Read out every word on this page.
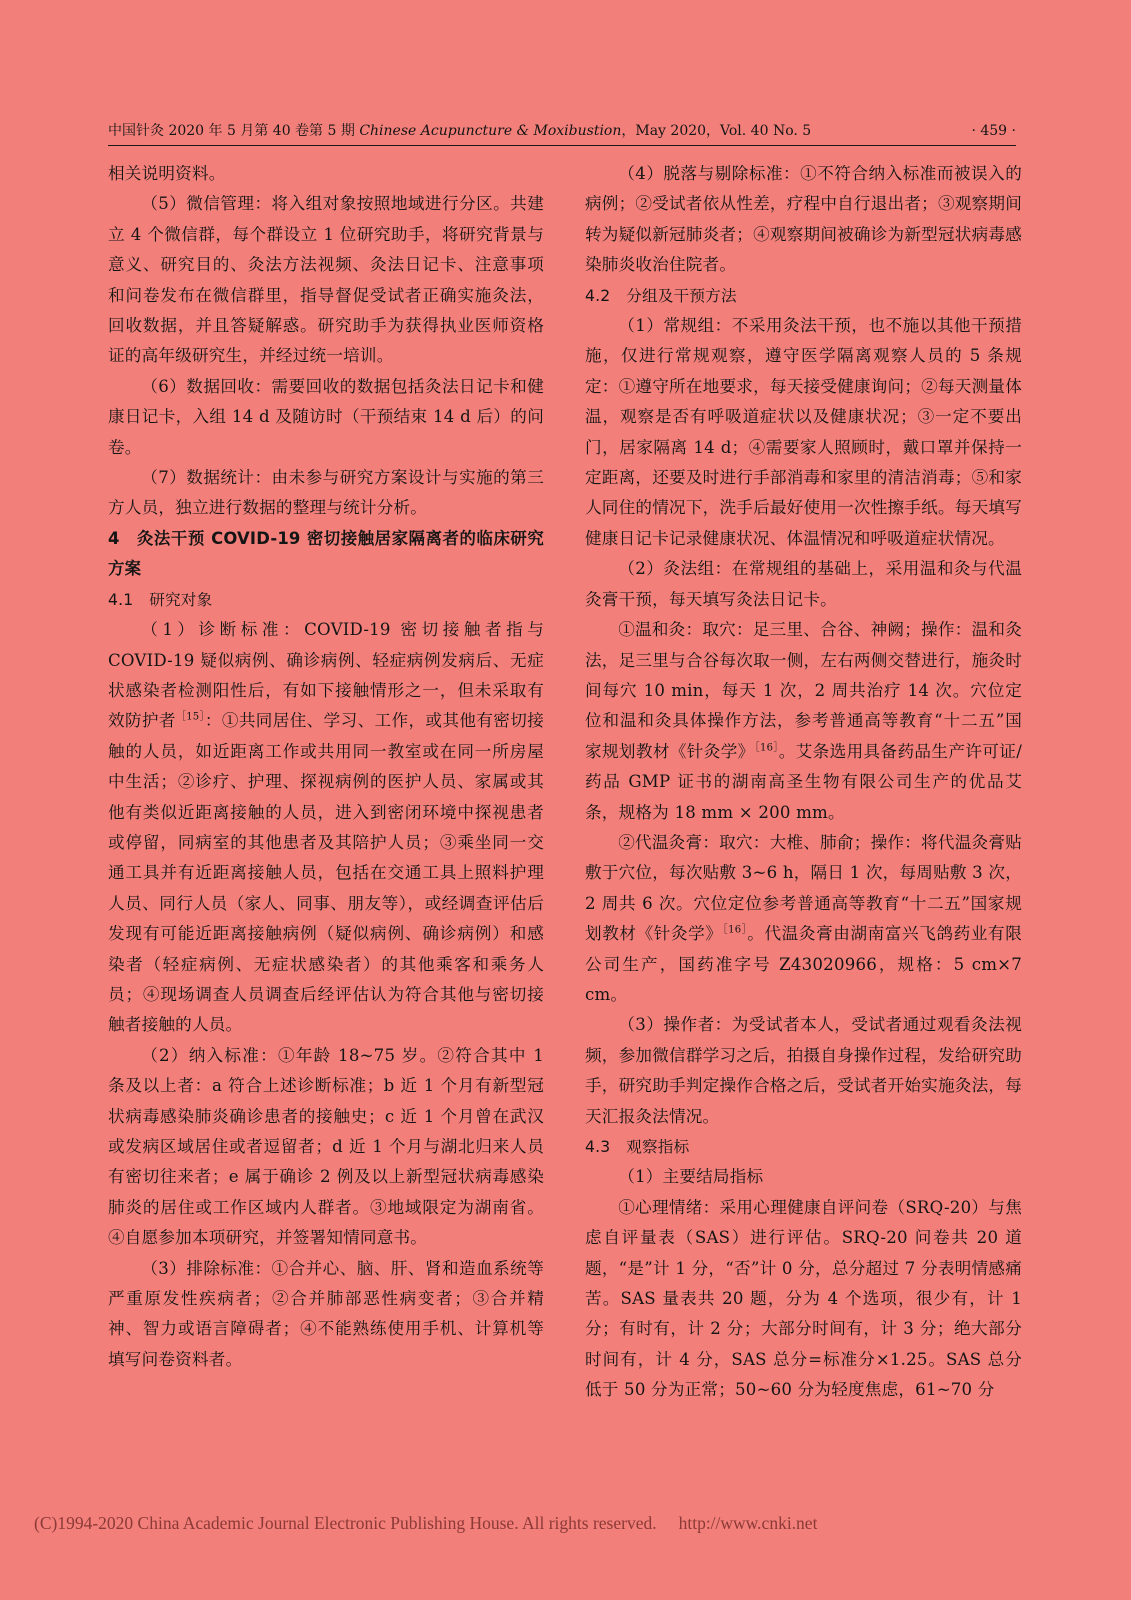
中国针灸 2020 年 5 月第 40 卷第 5 期 Chinese Acupuncture & Moxibustion，May 2020，Vol. 40 No. 5	· 459 ·

相关说明资料。

（5）微信管理：将入组对象按照地域进行分区。共建立 4 个微信群，每个群设立 1 位研究助手，将研究背景与意义、研究目的、灸法方法视频、灸法日记卡、注意事项和问卷发布在微信群里，指导督促受试者正确实施灸法，回收数据，并且答疑解惑。研究助手为获得执业医师资格证的高年级研究生，并经过统一培训。

（6）数据回收：需要回收的数据包括灸法日记卡和健康日记卡，入组 14 d 及随访时（干预结束 14 d 后）的问卷。

（7）数据统计：由未参与研究方案设计与实施的第三方人员，独立进行数据的整理与统计分析。

4　灸法干预 COVID-19 密切接触居家隔离者的临床研究方案

4.1　研究对象

（1）诊断标准：COVID-19 密切接触者指与 COVID-19 疑似病例、确诊病例、轻症病例发病后、无症状感染者检测阳性后，有如下接触情形之一，但未采取有效防护者$^{[15]}$：①共同居住、学习、工作，或其他有密切接触的人员，如近距离工作或共用同一教室或在同一所房屋中生活；②诊疗、护理、探视病例的医护人员、家属或其他有类似近距离接触的人员，进入到密闭环境中探视患者或停留，同病室的其他患者及其陪护人员；③乘坐同一交通工具并有近距离接触人员，包括在交通工具上照料护理人员、同行人员（家人、同事、朋友等），或经调查评估后发现有可能近距离接触病例（疑似病例、确诊病例）和感染者（轻症病例、无症状感染者）的其他乘客和乘务人员；④现场调查人员调查后经评估认为符合其他与密切接触者接触的人员。

（2）纳入标准：①年龄 18~75 岁。②符合其中 1 条及以上者：a 符合上述诊断标准；b 近 1 个月有新型冠状病毒感染肺炎确诊患者的接触史；c 近 1 个月曾在武汉或发病区域居住或者逗留者；d 近 1 个月与湖北归来人员有密切往来者；e 属于确诊 2 例及以上新型冠状病毒感染肺炎的居住或工作区域内人群者。③地域限定为湖南省。④自愿参加本项研究，并签署知情同意书。

（3）排除标准：①合并心、脑、肝、肾和造血系统等严重原发性疾病者；②合并肺部恶性病变者；③合并精神、智力或语言障碍者；④不能熟练使用手机、计算机等填写问卷资料者。

（4）脱落与剔除标准：①不符合纳入标准而被误入的病例；②受试者依从性差，疗程中自行退出者；③观察期间转为疑似新冠肺炎者；④观察期间被确诊为新型冠状病毒感染肺炎收治住院者。

4.2　分组及干预方法

（1）常规组：不采用灸法干预，也不施以其他干预措施，仅进行常规观察，遵守医学隔离观察人员的 5 条规定：①遵守所在地要求，每天接受健康询问；②每天测量体温，观察是否有呼吸道症状以及健康状况；③一定不要出门，居家隔离 14 d；④需要家人照顾时，戴口罩并保持一定距离，还要及时进行手部消毒和家里的清洁消毒；⑤和家人同住的情况下，洗手后最好使用一次性擦手纸。每天填写健康日记卡记录健康状况、体温情况和呼吸道症状情况。

（2）灸法组：在常规组的基础上，采用温和灸与代温灸膏干预，每天填写灸法日记卡。

①温和灸：取穴：足三里、合谷、神阙；操作：温和灸法，足三里与合谷每次取一侧，左右两侧交替进行，施灸时间每穴 10 min，每天 1 次，2 周共治疗 14 次。穴位定位和温和灸具体操作方法，参考普通高等教育“十二五”国家规划教材《针灸学》$^{[16]}$。艾条选用具备药品生产许可证/药品 GMP 证书的湖南高圣生物有限公司生产的优品艾条，规格为 18 mm × 200 mm。

②代温灸膏：取穴：大椎、肺俞；操作：将代温灸膏贴敷于穴位，每次贴敷 3~6 h，隔日 1 次，每周贴敷 3 次，2 周共 6 次。穴位定位参考普通高等教育“十二五”国家规划教材《针灸学》$^{[16]}$。代温灸膏由湖南富兴飞鸽药业有限公司生产，国药准字号 Z43020966，规格：5 cm×7 cm。

（3）操作者：为受试者本人，受试者通过观看灸法视频，参加微信群学习之后，拍摄自身操作过程，发给研究助手，研究助手判定操作合格之后，受试者开始实施灸法，每天汇报灸法情况。

4.3　观察指标

（1）主要结局指标

①心理情绪：采用心理健康自评问卷（SRQ-20）与焦虑自评量表（SAS）进行评估。SRQ-20 问卷共 20 道题，“是”计 1 分，“否”计 0 分，总分超过 7 分表明情感痛苦。SAS 量表共 20 题，分为 4 个选项，很少有，计 1 分；有时有，计 2 分；大部分时间有，计 3 分；绝大部分时间有，计 4 分，SAS 总分=标准分×1.25。SAS 总分低于 50 分为正常；50~60 分为轻度焦虑，61~70 分

(C)1994-2020 China Academic Journal Electronic Publishing House. All rights reserved. http://www.cnki.net
